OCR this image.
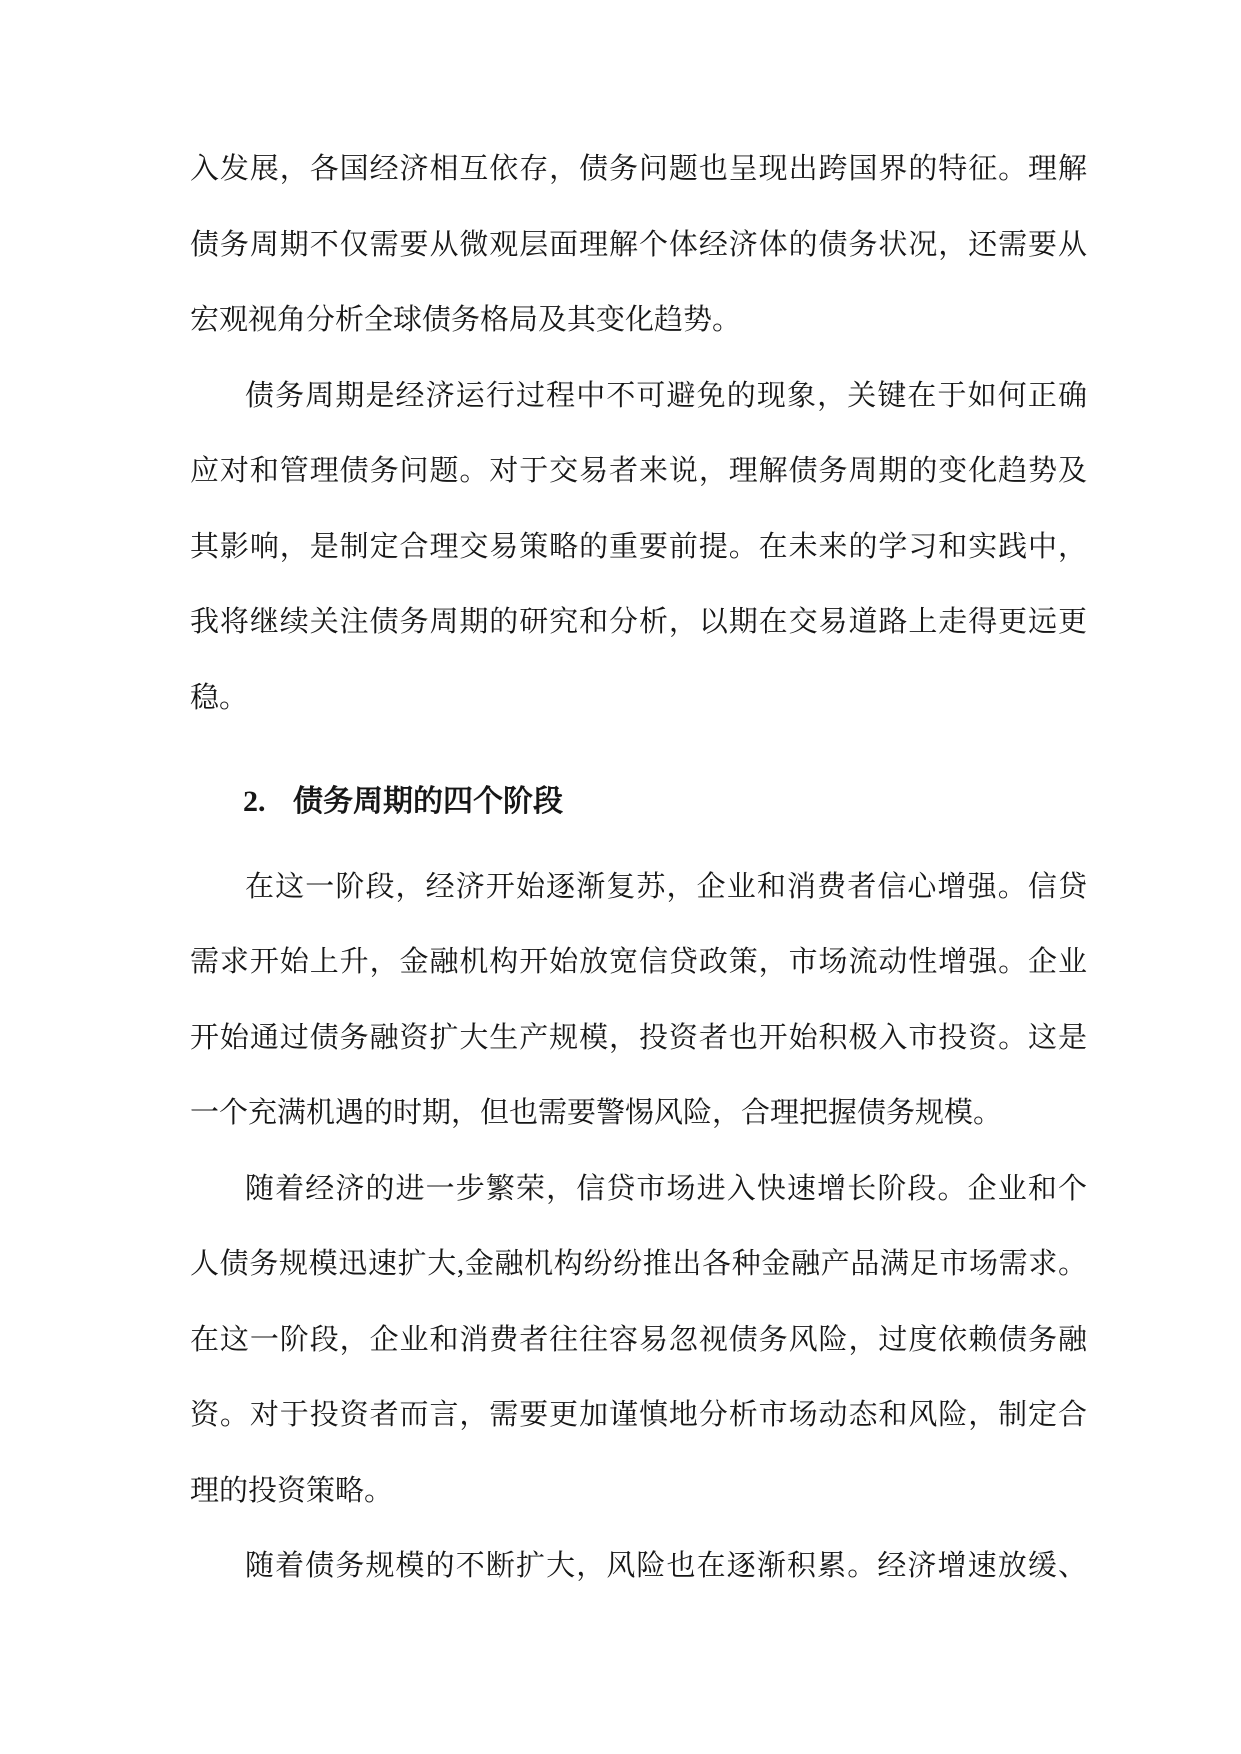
入发展，各国经济相互依存，债务问题也呈现出跨国界的特征。理解
债务周期不仅需要从微观层面理解个体经济体的债务状况，还需要从
宏观视角分析全球债务格局及其变化趋势。
债务周期是经济运行过程中不可避免的现象，关键在于如何正确
应对和管理债务问题。对于交易者来说，理解债务周期的变化趋势及
其影响，是制定合理交易策略的重要前提。在未来的学习和实践中，
我将继续关注债务周期的研究和分析，以期在交易道路上走得更远更
稳。
2. 债务周期的四个阶段
在这一阶段，经济开始逐渐复苏，企业和消费者信心增强。信贷
需求开始上升，金融机构开始放宽信贷政策，市场流动性增强。企业
开始通过债务融资扩大生产规模，投资者也开始积极入市投资。这是
一个充满机遇的时期，但也需要警惕风险，合理把握债务规模。
随着经济的进一步繁荣，信贷市场进入快速增长阶段。企业和个
人债务规模迅速扩大,金融机构纷纷推出各种金融产品满足市场需求。
在这一阶段，企业和消费者往往容易忽视债务风险，过度依赖债务融
资。对于投资者而言，需要更加谨慎地分析市场动态和风险，制定合
理的投资策略。
随着债务规模的不断扩大，风险也在逐渐积累。经济增速放缓、
